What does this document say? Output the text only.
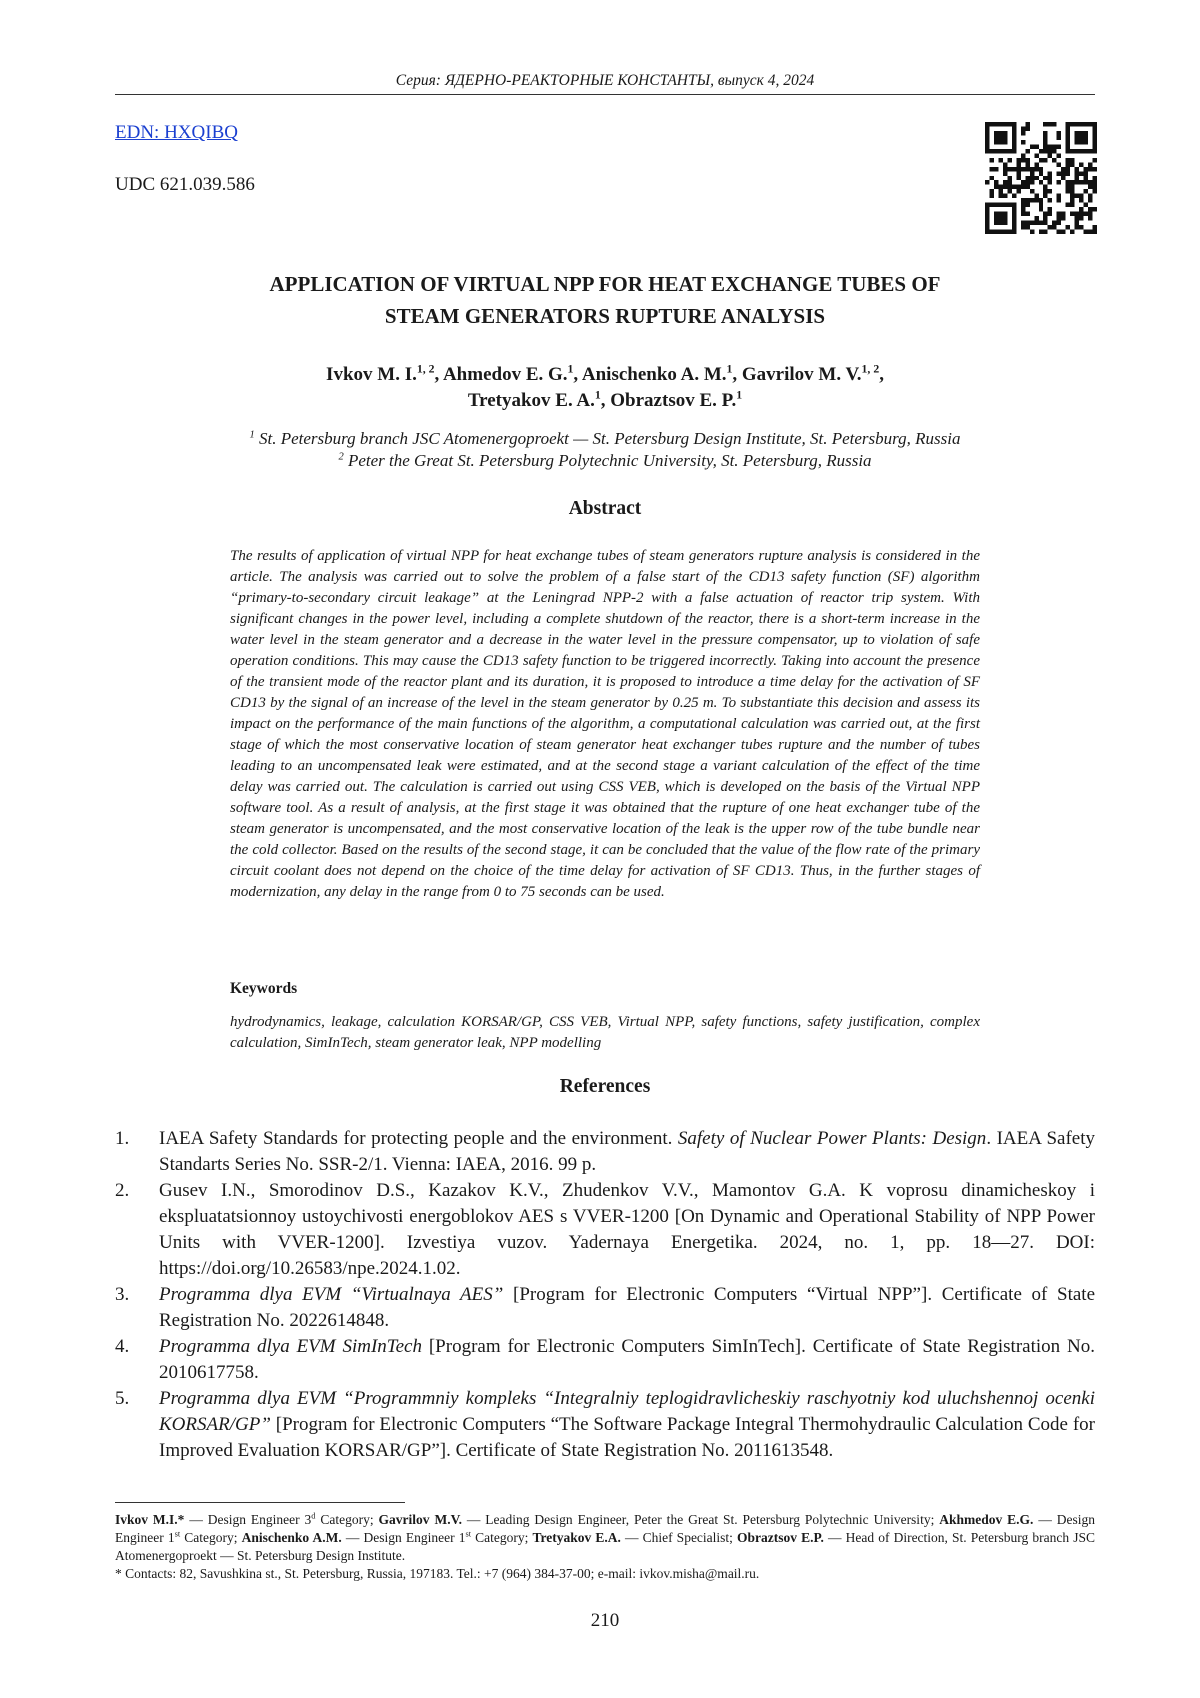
Серия: ЯДЕРНО-РЕАКТОРНЫЕ КОНСТАНТЫ, выпуск 4, 2024
EDN: HXQIBQ
UDC 621.039.586
APPLICATION OF VIRTUAL NPP FOR HEAT EXCHANGE TUBES OF
STEAM GENERATORS RUPTURE ANALYSIS
Ivkov M. I.$^{1, 2}$, Ahmedov E. G.$^1$, Anischenko A. M.$^1$, Gavrilov M. V.$^{1, 2}$,
Tretyakov E. A.$^1$, Obraztsov E. P.$^1$
$^1$ St. Petersburg branch JSC Atomenergoproekt — St. Petersburg Design Institute, St. Petersburg, Russia
$^2$ Peter the Great St. Petersburg Polytechnic University, St. Petersburg, Russia
Abstract

The results of application of virtual NPP for heat exchange tubes of steam generators rupture analysis is considered in the article. The analysis was carried out to solve the problem of a false start of the CD13 safety function (SF) algorithm “primary-to-secondary circuit leakage” at the Leningrad NPP-2 with a false actuation of reactor trip system. With significant changes in the power level, including a complete shutdown of the reactor, there is a short-term increase in the water level in the steam generator and a decrease in the water level in the pressure compensator, up to violation of safe operation conditions. This may cause the CD13 safety function to be triggered incorrectly. Taking into account the presence of the transient mode of the reactor plant and its duration, it is proposed to introduce a time delay for the activation of SF CD13 by the signal of an increase of the level in the steam generator by 0.25 m. To substantiate this decision and assess its impact on the performance of the main functions of the algorithm, a computational calculation was carried out, at the first stage of which the most conservative location of steam generator heat exchanger tubes rupture and the number of tubes leading to an uncompensated leak were estimated, and at the second stage a variant calculation of the effect of the time delay was carried out. The calculation is carried out using CSS VEB, which is developed on the basis of the Virtual NPP software tool. As a result of analysis, at the first stage it was obtained that the rupture of one heat exchanger tube of the steam generator is uncompensated, and the most conservative location of the leak is the upper row of the tube bundle near the cold collector. Based on the results of the second stage, it can be concluded that the value of the flow rate of the primary circuit coolant does not depend on the choice of the time delay for activation of SF CD13. Thus, in the further stages of modernization, any delay in the range from 0 to 75 seconds can be used.

Keywords

hydrodynamics, leakage, calculation KORSAR/GP, CSS VEB, Virtual NPP, safety functions, safety justification, complex calculation, SimInTech, steam generator leak, NPP modelling

References
1. IAEA Safety Standards for protecting people and the environment. Safety of Nuclear Power Plants: Design. IAEA Safety Standarts Series No. SSR-2/1. Vienna: IAEA, 2016. 99 p.
2. Gusev I.N., Smorodinov D.S., Kazakov K.V., Zhudenkov V.V., Mamontov G.A. K voprosu dinamicheskoy i ekspluatatsionnoy ustoychivosti energoblokov AES s VVER-1200 [On Dynamic and Operational Stability of NPP Power Units with VVER-1200]. Izvestiya vuzov. Yadernaya Energetika. 2024, no. 1, pp. 18—27. DOI: https://doi.org/10.26583/npe.2024.1.02.
3. Programma dlya EVM “Virtualnaya AES” [Program for Electronic Computers “Virtual NPP”]. Certificate of State Registration No. 2022614848.
4. Programma dlya EVM SimInTech [Program for Electronic Computers SimInTech]. Certificate of State Registration No. 2010617758.
5. Programma dlya EVM “Programmniy kompleks “Integralniy teplogidravlicheskiy raschyotniy kod uluchshennoj ocenki KORSAR/GP” [Program for Electronic Computers “The Software Package Integral Thermohydraulic Calculation Code for Improved Evaluation KORSAR/GP”]. Certificate of State Registration No. 2011613548.
Ivkov M.I.* — Design Engineer 3$^d$ Category; Gavrilov M.V. — Leading Design Engineer, Peter the Great St. Petersburg Polytechnic University; Akhmedov E.G. — Design Engineer 1st Category; Anischenko A.M. — Design Engineer 1st Category; Tretyakov E.A. — Chief Specialist; Obraztsov E.P. — Head of Direction, St. Petersburg branch JSC Atomenergoproekt — St. Petersburg Design Institute.
* Contacts: 82, Savushkina st., St. Petersburg, Russia, 197183. Tel.: +7 (964) 384-37-00; e-mail: ivkov.misha@mail.ru.
210
